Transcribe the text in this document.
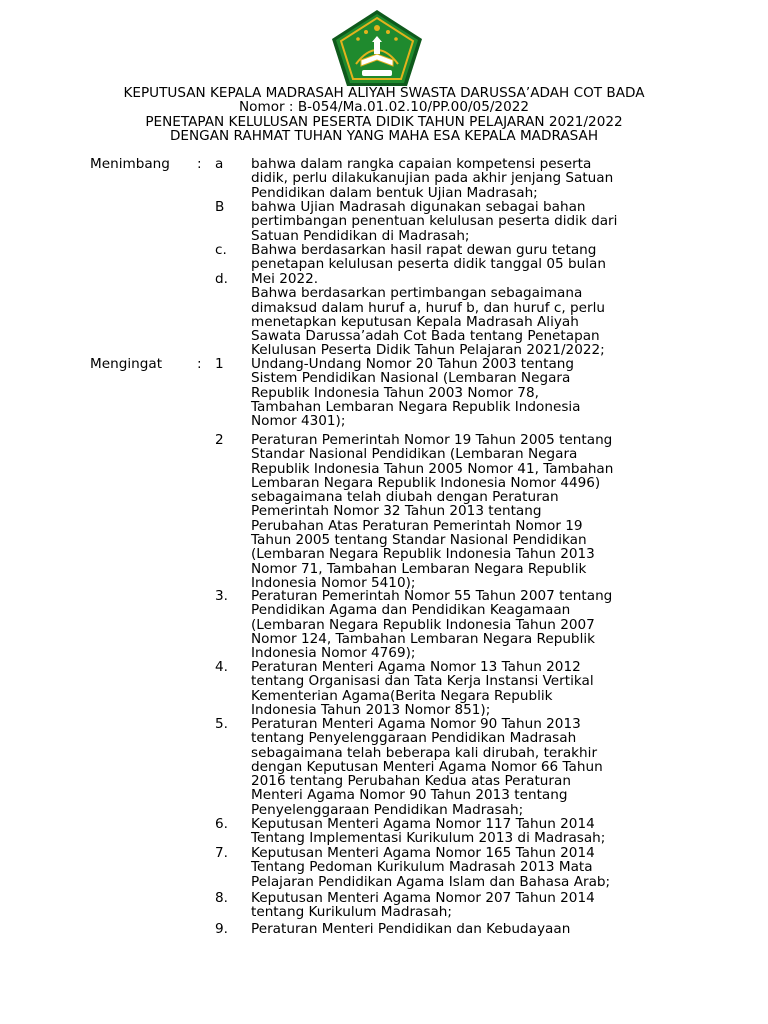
KEPUTUSAN KEPALA MADRASAH ALIYAH SWASTA DARUSSA’ADAH COT BADA
Nomor : B-054/Ma.01.02.10/PP.00/05/2022
PENETAPAN KELULUSAN PESERTA DIDIK TAHUN PELAJARAN 2021/2022
DENGAN RAHMAT TUHAN YANG MAHA ESA KEPALA MADRASAH
Menimbang : a bahwa dalam rangka capaian kompetensi peserta
didik, perlu dilakukanujian pada akhir jenjang Satuan
Pendidikan dalam bentuk Ujian Madrasah;
B bahwa Ujian Madrasah digunakan sebagai bahan
pertimbangan penentuan kelulusan peserta didik dari
Satuan Pendidikan di Madrasah;
c. Bahwa berdasarkan hasil rapat dewan guru tetang
penetapan kelulusan peserta didik tanggal 05 bulan
d. Mei 2022.
Bahwa berdasarkan pertimbangan sebagaimana
dimaksud dalam huruf a, huruf b, dan huruf c, perlu
menetapkan keputusan Kepala Madrasah Aliyah
Sawata Darussa’adah Cot Bada tentang Penetapan
Kelulusan Peserta Didik Tahun Pelajaran 2021/2022;
Mengingat	: 1 Undang-Undang Nomor 20 Tahun 2003 tentang
Sistem Pendidikan Nasional (Lembaran Negara
Republik Indonesia Tahun 2003 Nomor 78,
Tambahan Lembaran Negara Republik Indonesia
Nomor 4301);
2 Peraturan Pemerintah Nomor 19 Tahun 2005 tentang
Standar Nasional Pendidikan (Lembaran Negara
Republik Indonesia Tahun 2005 Nomor 41, Tambahan
Lembaran Negara Republik Indonesia Nomor 4496)
sebagaimana telah diubah dengan Peraturan
Pemerintah Nomor 32 Tahun 2013 tentang
Perubahan Atas Peraturan Pemerintah Nomor 19
Tahun 2005 tentang Standar Nasional Pendidikan
(Lembaran Negara Republik Indonesia Tahun 2013
Nomor 71, Tambahan Lembaran Negara Republik
Indonesia Nomor 5410);
3. Peraturan Pemerintah Nomor 55 Tahun 2007 tentang
Pendidikan Agama dan Pendidikan Keagamaan
(Lembaran Negara Republik Indonesia Tahun 2007
Nomor 124, Tambahan Lembaran Negara Republik
Indonesia Nomor 4769);
4. Peraturan Menteri Agama Nomor 13 Tahun 2012
tentang Organisasi dan Tata Kerja Instansi Vertikal
Kementerian Agama(Berita Negara Republik
Indonesia Tahun 2013 Nomor 851);
5. Peraturan Menteri Agama Nomor 90 Tahun 2013
tentang Penyelenggaraan Pendidikan Madrasah
sebagaimana telah beberapa kali dirubah, terakhir
dengan Keputusan Menteri Agama Nomor 66 Tahun
2016 tentang Perubahan Kedua atas Peraturan
Menteri Agama Nomor 90 Tahun 2013 tentang
Penyelenggaraan Pendidikan Madrasah;
6. Keputusan Menteri Agama Nomor 117 Tahun 2014
Tentang Implementasi Kurikulum 2013 di Madrasah;
7. Keputusan Menteri Agama Nomor 165 Tahun 2014
Tentang Pedoman Kurikulum Madrasah 2013 Mata
Pelajaran Pendidikan Agama Islam dan Bahasa Arab;
8. Keputusan Menteri Agama Nomor 207 Tahun 2014
tentang Kurikulum Madrasah;
9. Peraturan Menteri Pendidikan dan Kebudayaan
